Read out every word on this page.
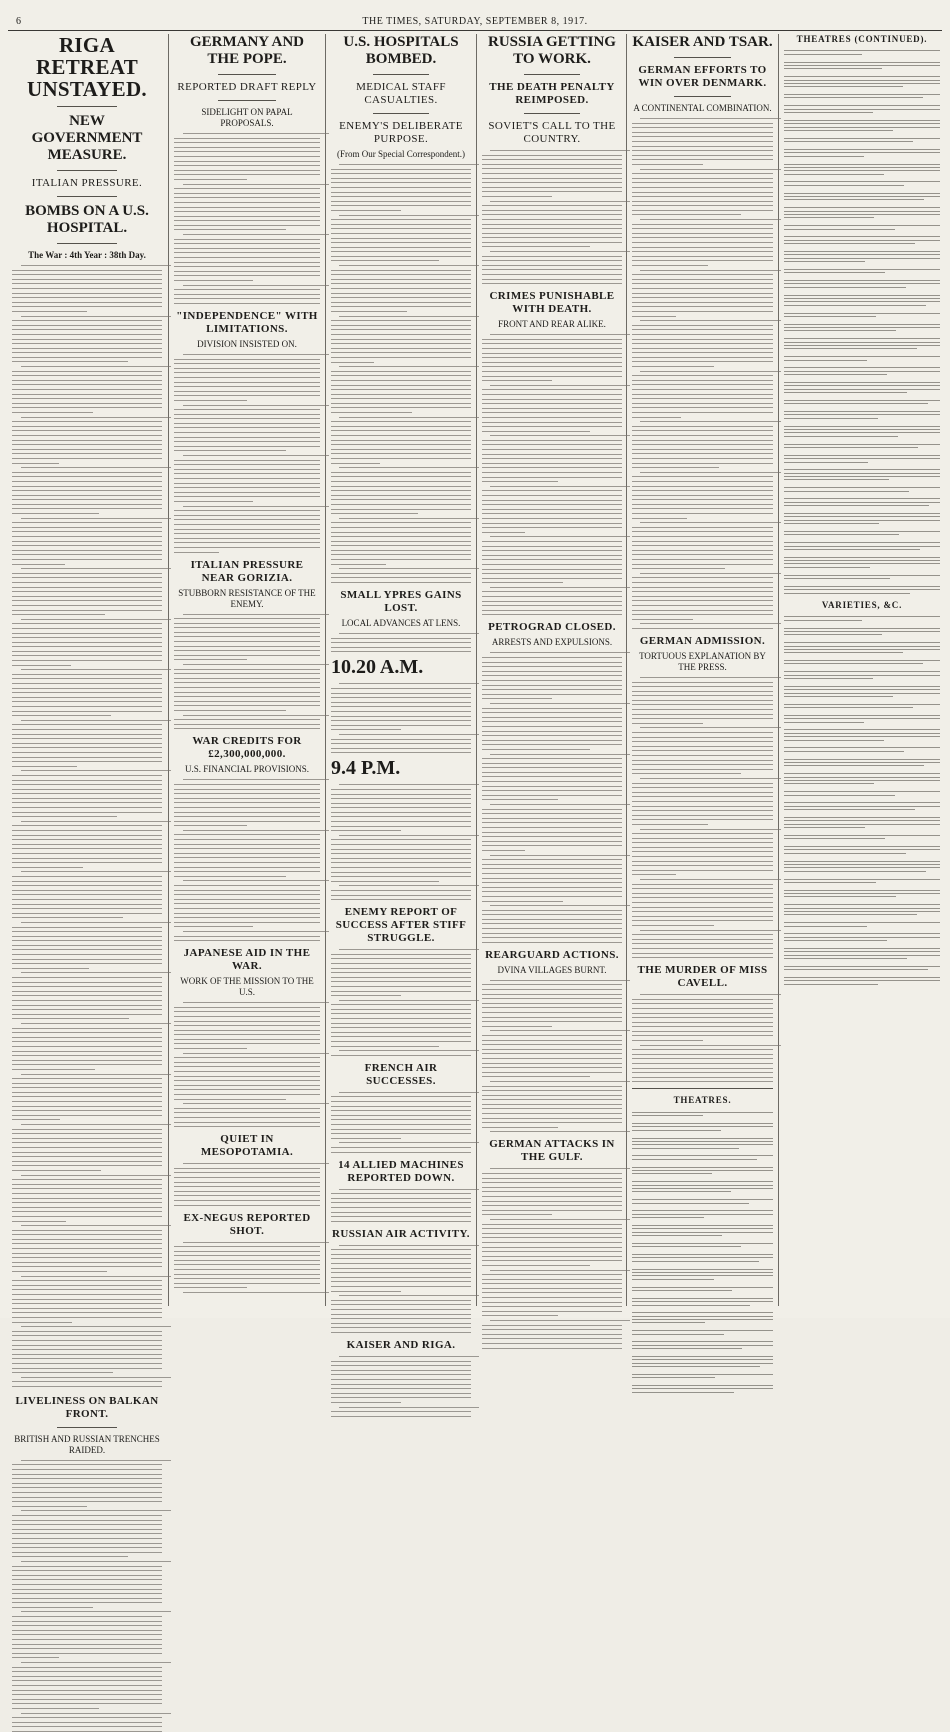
6	THE TIMES, SATURDAY, SEPTEMBER 8, 1917.
RIGA RETREAT UNSTAYED.
NEW GOVERNMENT MEASURE.
ITALIAN PRESSURE.
BOMBS ON A U.S. HOSPITAL.
The War : 4th Year : 38th Day.
LIVELINESS ON BALKAN FRONT.
BRITISH AND RUSSIAN TRENCHES RAIDED.
GERMANY AND THE POPE.
REPORTED DRAFT REPLY
SIDELIGHT ON PAPAL PROPOSALS.
"INDEPENDENCE" WITH LIMITATIONS.
DIVISION INSISTED ON.
ITALIAN PRESSURE NEAR GORIZIA.
STUBBORN RESISTANCE OF THE ENEMY.
WAR CREDITS FOR £2,300,000,000.
U.S. FINANCIAL PROVISIONS.
JAPANESE AID IN THE WAR.
WORK OF THE MISSION TO THE U.S.
QUIET IN MESOPOTAMIA.
EX-NEGUS REPORTED SHOT.
U.S. HOSPITALS BOMBED.
MEDICAL STAFF CASUALTIES.
ENEMY'S DELIBERATE PURPOSE.
(From Our Special Correspondent.)
SMALL YPRES GAINS LOST.
LOCAL ADVANCES AT LENS.
10.20 A.M.
9.4 P.M.
ENEMY REPORT OF SUCCESS AFTER STIFF STRUGGLE.
FRENCH AIR SUCCESSES.
14 ALLIED MACHINES REPORTED DOWN.
RUSSIAN AIR ACTIVITY.
KAISER AND RIGA.
RUSSIA GETTING TO WORK.
THE DEATH PENALTY REIMPOSED.
SOVIET'S CALL TO THE COUNTRY.
CRIMES PUNISHABLE WITH DEATH.
FRONT AND REAR ALIKE.
PETROGRAD CLOSED.
ARRESTS AND EXPULSIONS.
REARGUARD ACTIONS.
DVINA VILLAGES BURNT.
GERMAN ATTACKS IN THE GULF.
KAISER AND TSAR.
GERMAN EFFORTS TO WIN OVER DENMARK.
A CONTINENTAL COMBINATION.
GERMAN ADMISSION.
TORTUOUS EXPLANATION BY THE PRESS.
THE MURDER OF MISS CAVELL.
THEATRES.
THEATRES (CONTINUED).
VARIETIES, &C.
